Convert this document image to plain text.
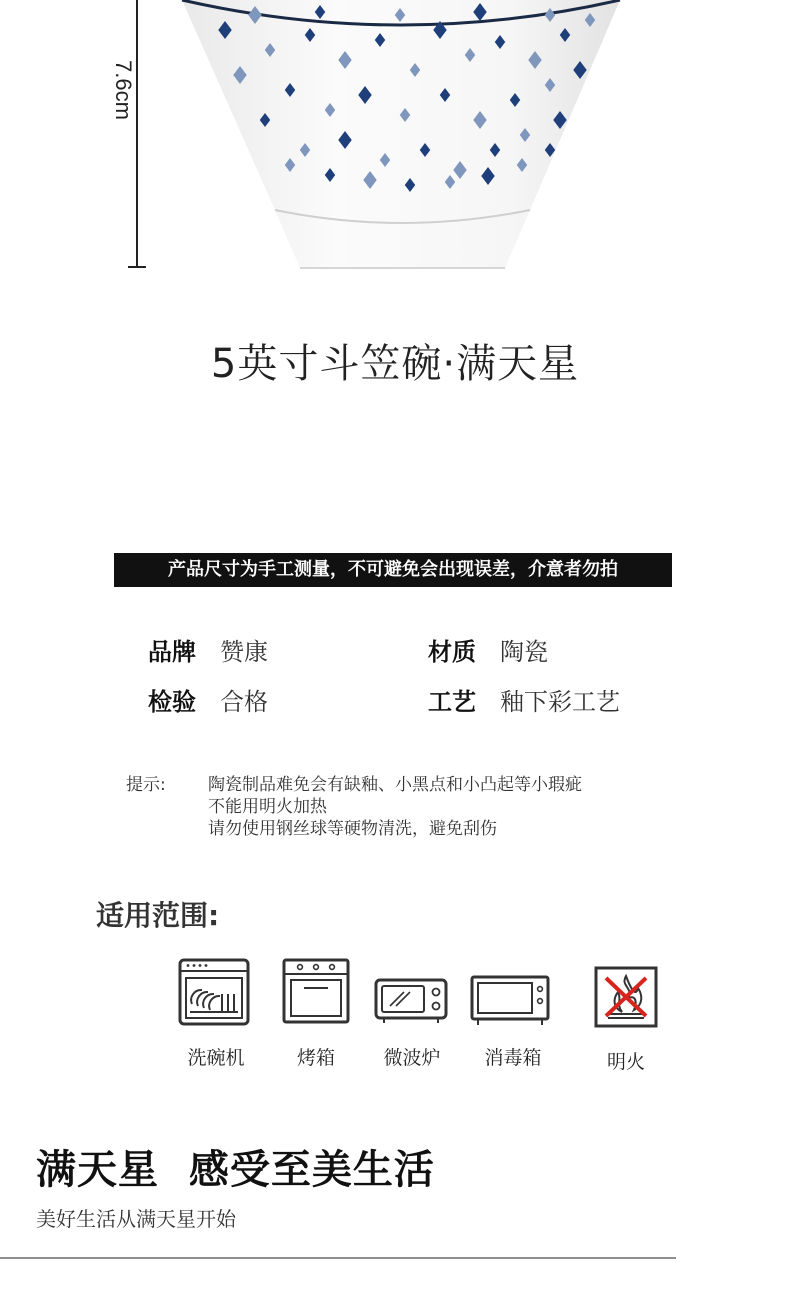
7.6cm
5英寸斗笠碗·满天星
产品尺寸为手工测量，不可避免会出现误差，介意者勿拍
品牌 赞康	材质 陶瓷
检验 合格	工艺 釉下彩工艺
提示:	陶瓷制品难免会有缺釉、小黑点和小凸起等小瑕疵
不能用明火加热
请勿使用钢丝球等硬物清洗，避免刮伤
适用范围:
洗碗机	烤箱	微波炉	消毒箱	明火
满天星  感受至美生活
美好生活从满天星开始
